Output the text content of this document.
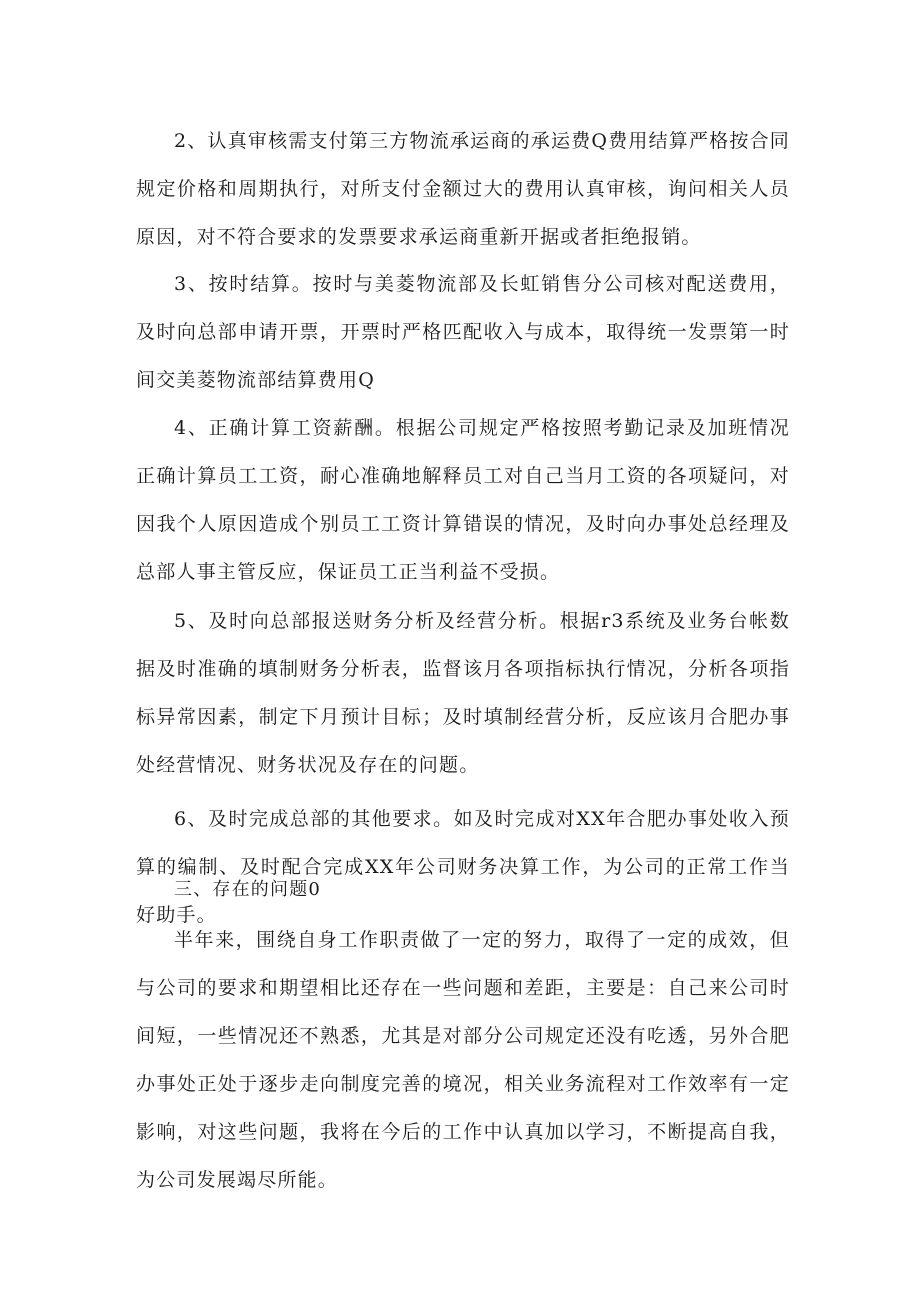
2、认真审核需支付第三方物流承运商的承运费Q费用结算严格按合同规定价格和周期执行，对所支付金额过大的费用认真审核，询问相关人员原因，对不符合要求的发票要求承运商重新开据或者拒绝报销。

3、按时结算。按时与美菱物流部及长虹销售分公司核对配送费用，及时向总部申请开票，开票时严格匹配收入与成本，取得统一发票第一时间交美菱物流部结算费用Q

4、正确计算工资薪酬。根据公司规定严格按照考勤记录及加班情况正确计算员工工资，耐心准确地解释员工对自己当月工资的各项疑问，对因我个人原因造成个别员工工资计算错误的情况，及时向办事处总经理及总部人事主管反应，保证员工正当利益不受损。

5、及时向总部报送财务分析及经营分析。根据r3系统及业务台帐数据及时准确的填制财务分析表，监督该月各项指标执行情况，分析各项指标异常因素，制定下月预计目标；及时填制经营分析，反应该月合肥办事处经营情况、财务状况及存在的问题。

6、及时完成总部的其他要求。如及时完成对XX年合肥办事处收入预算的编制、及时配合完成XX年公司财务决算工作，为公司的正常工作当好助手。

三、存在的问题0

半年来，围绕自身工作职责做了一定的努力，取得了一定的成效，但与公司的要求和期望相比还存在一些问题和差距，主要是：自己来公司时间短，一些情况还不熟悉，尤其是对部分公司规定还没有吃透，另外合肥办事处正处于逐步走向制度完善的境况，相关业务流程对工作效率有一定影响，对这些问题，我将在今后的工作中认真加以学习，不断提高自我，为公司发展竭尽所能。
